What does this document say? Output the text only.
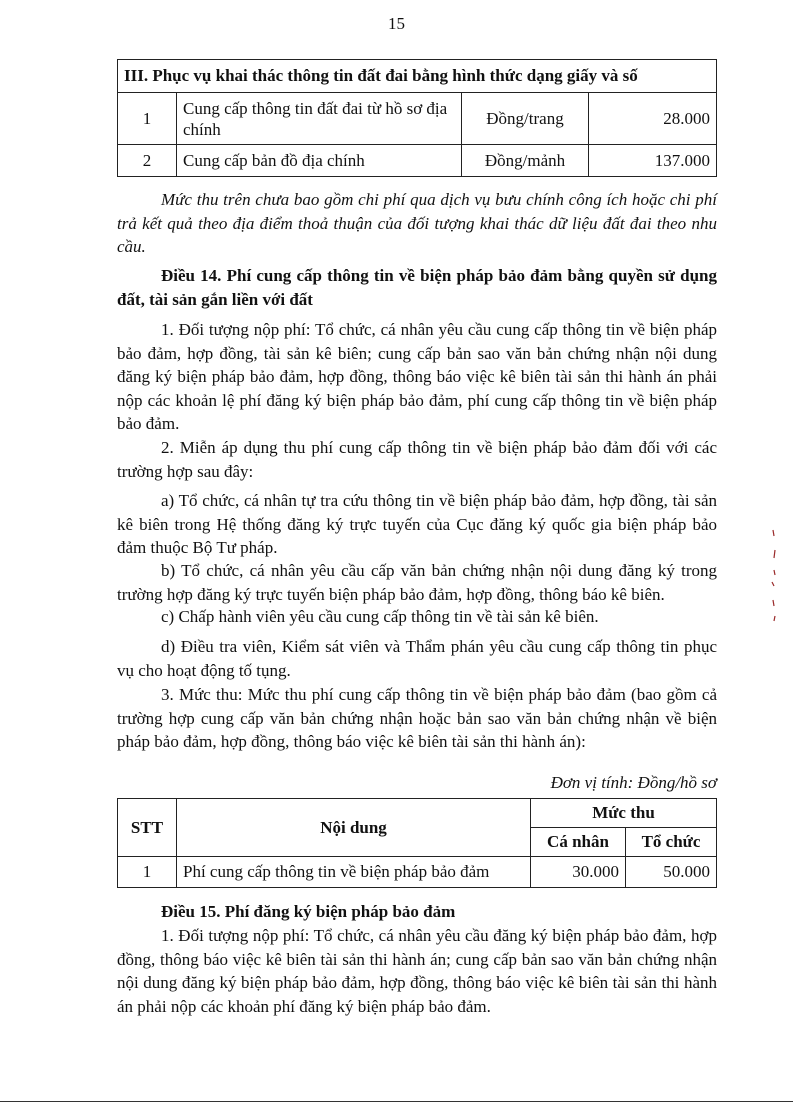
15
III. Phục vụ khai thác thông tin đất đai bằng hình thức dạng giấy và số			
1	Cung cấp thông tin đất đai từ hồ sơ địa chính	Đồng/trang	28.000
2	Cung cấp bản đồ địa chính	Đồng/mảnh	137.000
Mức thu trên chưa bao gồm chi phí qua dịch vụ bưu chính công ích hoặc chi phí trả kết quả theo địa điểm thoả thuận của đối tượng khai thác dữ liệu đất đai theo nhu cầu.
Điều 14. Phí cung cấp thông tin về biện pháp bảo đảm bằng quyền sử dụng đất, tài sản gắn liền với đất
1. Đối tượng nộp phí: Tổ chức, cá nhân yêu cầu cung cấp thông tin về biện pháp bảo đảm, hợp đồng, tài sản kê biên; cung cấp bản sao văn bản chứng nhận nội dung đăng ký biện pháp bảo đảm, hợp đồng, thông báo việc kê biên tài sản thi hành án phải nộp các khoản lệ phí đăng ký biện pháp bảo đảm, phí cung cấp thông tin về biện pháp bảo đảm.
2. Miễn áp dụng thu phí cung cấp thông tin về biện pháp bảo đảm đối với các trường hợp sau đây:
a) Tổ chức, cá nhân tự tra cứu thông tin về biện pháp bảo đảm, hợp đồng, tài sản kê biên trong Hệ thống đăng ký trực tuyến của Cục đăng ký quốc gia biện pháp bảo đảm thuộc Bộ Tư pháp.
b) Tổ chức, cá nhân yêu cầu cấp văn bản chứng nhận nội dung đăng ký trong trường hợp đăng ký trực tuyến biện pháp bảo đảm, hợp đồng, thông báo kê biên.
c) Chấp hành viên yêu cầu cung cấp thông tin về tài sản kê biên.
d) Điều tra viên, Kiểm sát viên và Thẩm phán yêu cầu cung cấp thông tin phục vụ cho hoạt động tố tụng.
3. Mức thu: Mức thu phí cung cấp thông tin về biện pháp bảo đảm (bao gồm cả trường hợp cung cấp văn bản chứng nhận hoặc bản sao văn bản chứng nhận về biện pháp bảo đảm, hợp đồng, thông báo việc kê biên tài sản thi hành án):
Đơn vị tính: Đồng/hồ sơ
STT	Nội dung	Mức thu	
		Cá nhân	Tổ chức
1	Phí cung cấp thông tin về biện pháp bảo đảm	30.000	50.000
Điều 15. Phí đăng ký biện pháp bảo đảm
1. Đối tượng nộp phí: Tổ chức, cá nhân yêu cầu đăng ký biện pháp bảo đảm, hợp đồng, thông báo việc kê biên tài sản thi hành án; cung cấp bản sao văn bản chứng nhận nội dung đăng ký biện pháp bảo đảm, hợp đồng, thông báo việc kê biên tài sản thi hành án phải nộp các khoản phí đăng ký biện pháp bảo đảm.
